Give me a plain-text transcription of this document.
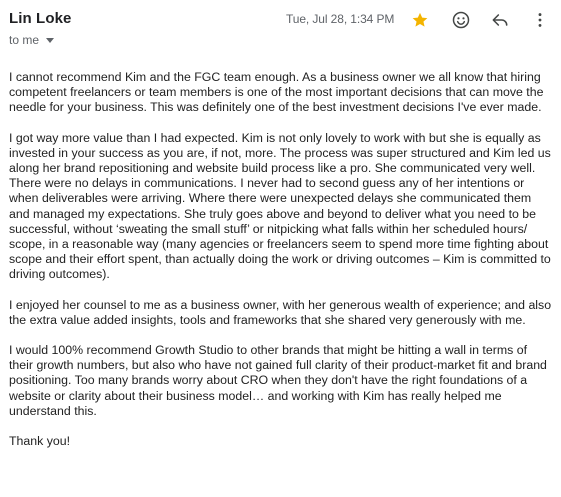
Lin Loke
to me
Tue, Jul 28, 1:34 PM

I cannot recommend Kim and the FGC team enough. As a business owner we all know that hiring competent freelancers or team members is one of the most important decisions that can move the needle for your business. This was definitely one of the best investment decisions I've ever made.

I got way more value than I had expected. Kim is not only lovely to work with but she is equally as invested in your success as you are, if not, more. The process was super structured and Kim led us along her brand repositioning and website build process like a pro. She communicated very well. There were no delays in communications. I never had to second guess any of her intentions or when deliverables were arriving. Where there were unexpected delays she communicated them and managed my expectations. She truly goes above and beyond to deliver what you need to be successful, without ‘sweating the small stuff’ or nitpicking what falls within her scheduled hours/ scope, in a reasonable way (many agencies or freelancers seem to spend more time fighting about scope and their effort spent, than actually doing the work or driving outcomes – Kim is committed to driving outcomes).

I enjoyed her counsel to me as a business owner, with her generous wealth of experience; and also the extra value added insights, tools and frameworks that she shared very generously with me.

I would 100% recommend Growth Studio to other brands that might be hitting a wall in terms of their growth numbers, but also who have not gained full clarity of their product-market fit and brand positioning. Too many brands worry about CRO when they don't have the right foundations of a website or clarity about their business model… and working with Kim has really helped me understand this.

Thank you!
